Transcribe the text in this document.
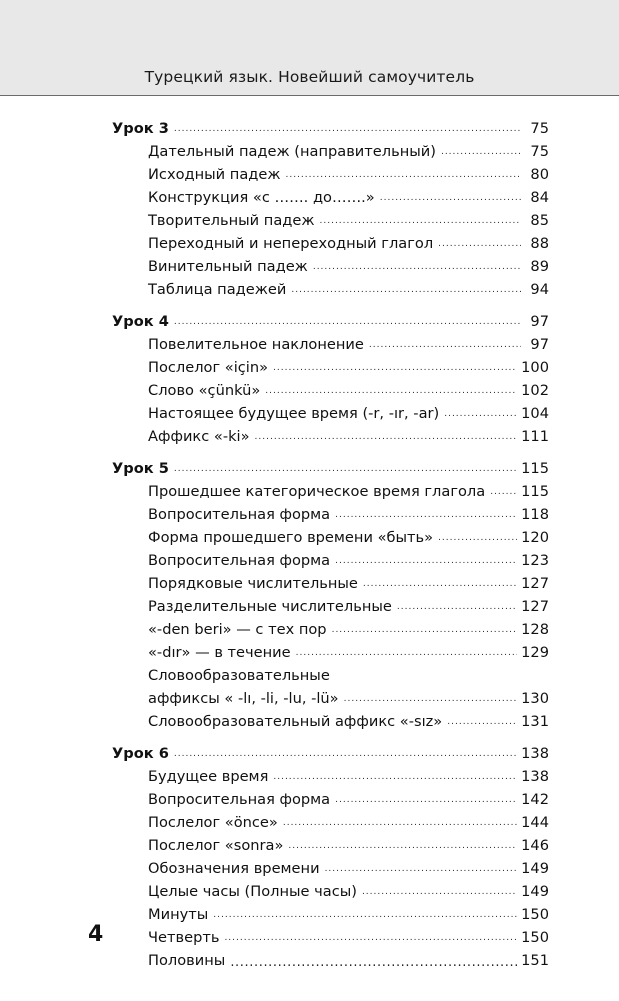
Турецкий язык. Новейший самоучитель
Урок 3 .....	75
Дательный падеж (направительный) .....	75
Исходный падеж .....	80
Конструкция «с ……. до…….» .....	84
Творительный падеж .....	85
Переходный и непереходный глагол .....	88
Винительный падеж .....	89
Таблица падежей .....	94
Урок 4 .....	97
Повелительное наклонение .....	97
Послелог «için» .....	100
Слово «çünkü» .....	102
Настоящее будущее время (-r, -ır, -ar) .....	104
Аффикс «-ki» .....	111
Урок 5 .....	115
Прошедшее категорическое время глагола ..... 115
Вопросительная форма .....	118
Форма прошедшего времени «быть» .....	120
Вопросительная форма .....	123
Порядковые числительные .....	127
Разделительные числительные .....	127
«-den beri» — с тех пор .....	128
«-dır» — в течение .....	129
Словообразовательные
аффиксы « -lı, -li, -lu, -lü» .....	130
Словообразовательный аффикс «-sız» .....	131
Урок 6 .....	138
Будущее время .....	138
Вопросительная форма .....	142
Послелог «önce» .....	144
Послелог «sonra» .....	146
Обозначения времени .....	149
Целые часы (Полные часы) .....	149
Минуты .....	150
Четверть .....	150
Половины .....	151
4
